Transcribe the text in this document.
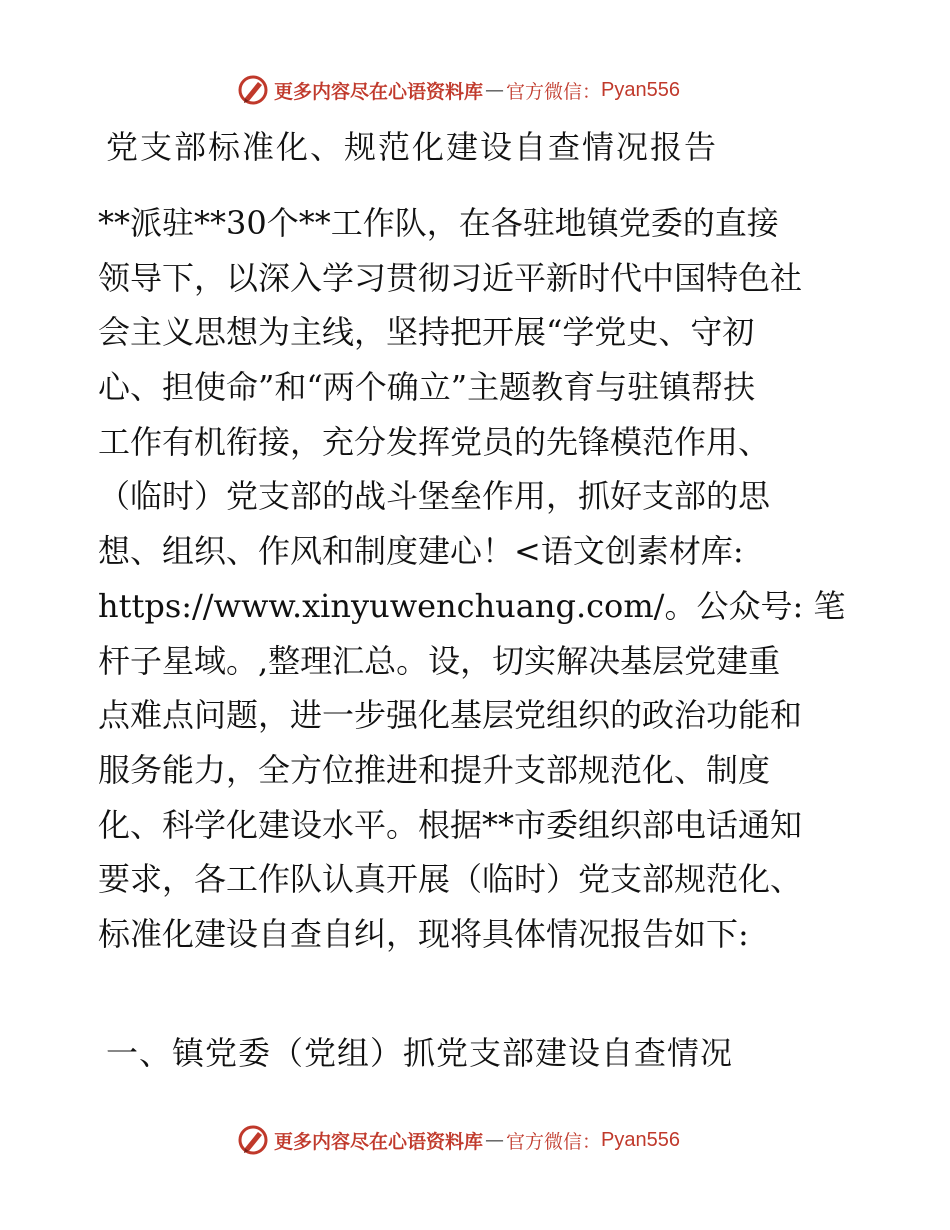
更多内容尽在心语资料库 — 官方微信： Pyan556
党支部标准化、规范化建设自查情况报告
**派驻**30个**工作队，在各驻地镇党委的直接
领导下，以深入学习贯彻习近平新时代中国特色社
会主义思想为主线，坚持把开展“学党史、守初
心、担使命”和“两个确立”主题教育与驻镇帮扶
工作有机衔接，充分发挥党员的先锋模范作用、
（临时）党支部的战斗堡垒作用，抓好支部的思
想、组织、作风和制度建心！<语文创素材库:
https://www.xinyuwenchuang.com/。公众号: 笔
杆子星域。,整理汇总。设，切实解决基层党建重
点难点问题，进一步强化基层党组织的政治功能和
服务能力，全方位推进和提升支部规范化、制度
化、科学化建设水平。根据**市委组织部电话通知
要求，各工作队认真开展（临时）党支部规范化、
标准化建设自查自纠，现将具体情况报告如下:
一、镇党委（党组）抓党支部建设自查情况
更多内容尽在心语资料库 — 官方微信： Pyan556
